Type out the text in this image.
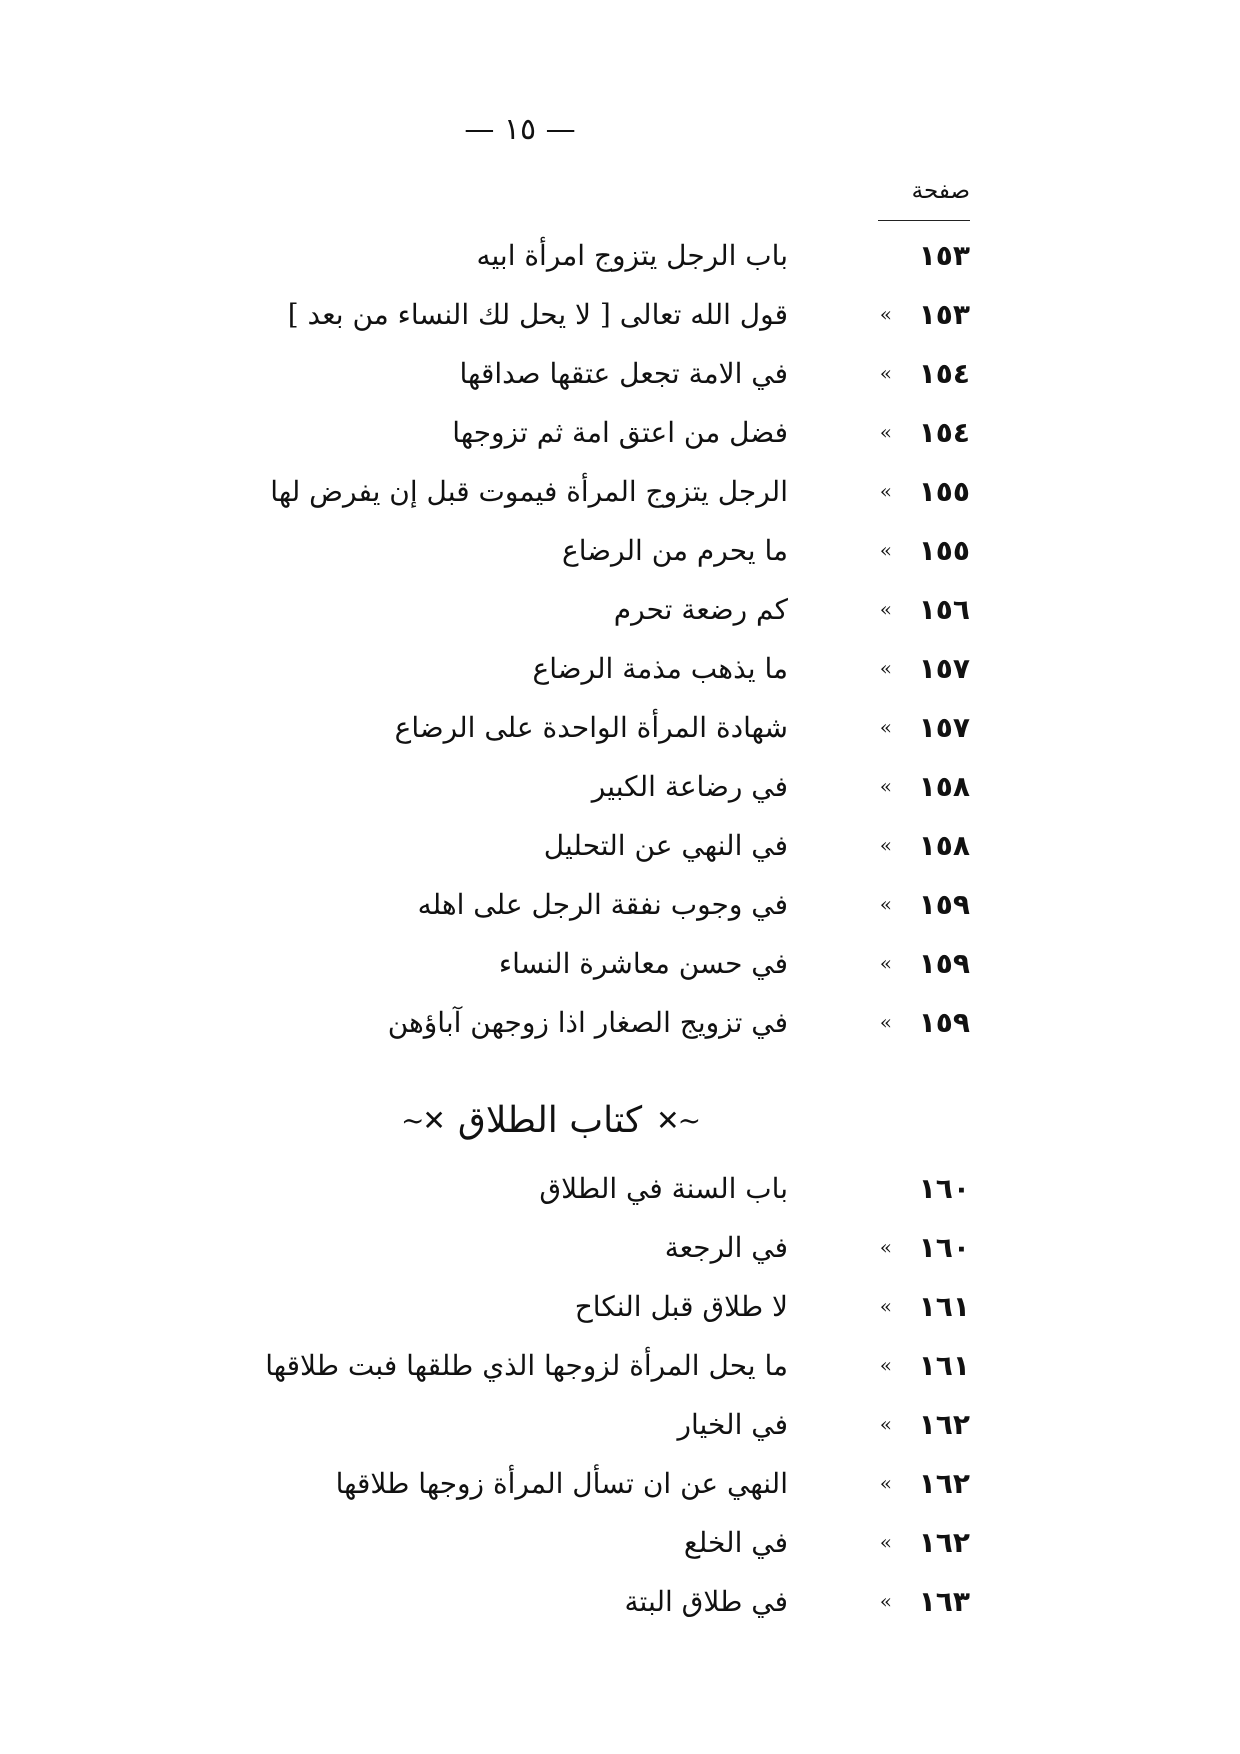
— ١٥ —
صفحة
١٥٣
باب الرجل يتزوج امرأة ابيه
١٥٣
»
قول الله تعالى [ لا يحل لك النساء من بعد ]
١٥٤
»
في الامة تجعل عتقها صداقها
١٥٤
»
فضل من اعتق امة ثم تزوجها
١٥٥
»
الرجل يتزوج المرأة فيموت قبل إن يفرض لها
١٥٥
»
ما يحرم من الرضاع
١٥٦
»
كم رضعة تحرم
١٥٧
»
ما يذهب مذمة الرضاع
١٥٧
»
شهادة المرأة الواحدة على الرضاع
١٥٨
»
في رضاعة الكبير
١٥٨
»
في النهي عن التحليل
١٥٩
»
في وجوب نفقة الرجل على اهله
١٥٩
»
في حسن معاشرة النساء
١٥٩
»
في تزويج الصغار اذا زوجهن آباؤهن
١٦٠
باب السنة في الطلاق
١٦٠
»
في الرجعة
١٦١
»
لا طلاق قبل النكاح
١٦١
»
ما يحل المرأة لزوجها الذي طلقها فبت طلاقها
١٦٢
»
في الخيار
١٦٢
»
النهي عن ان تسأل المرأة زوجها طلاقها
١٦٢
»
في الخلع
١٦٣
»
في طلاق البتة
~✕
كتاب الطلاق
✕~
